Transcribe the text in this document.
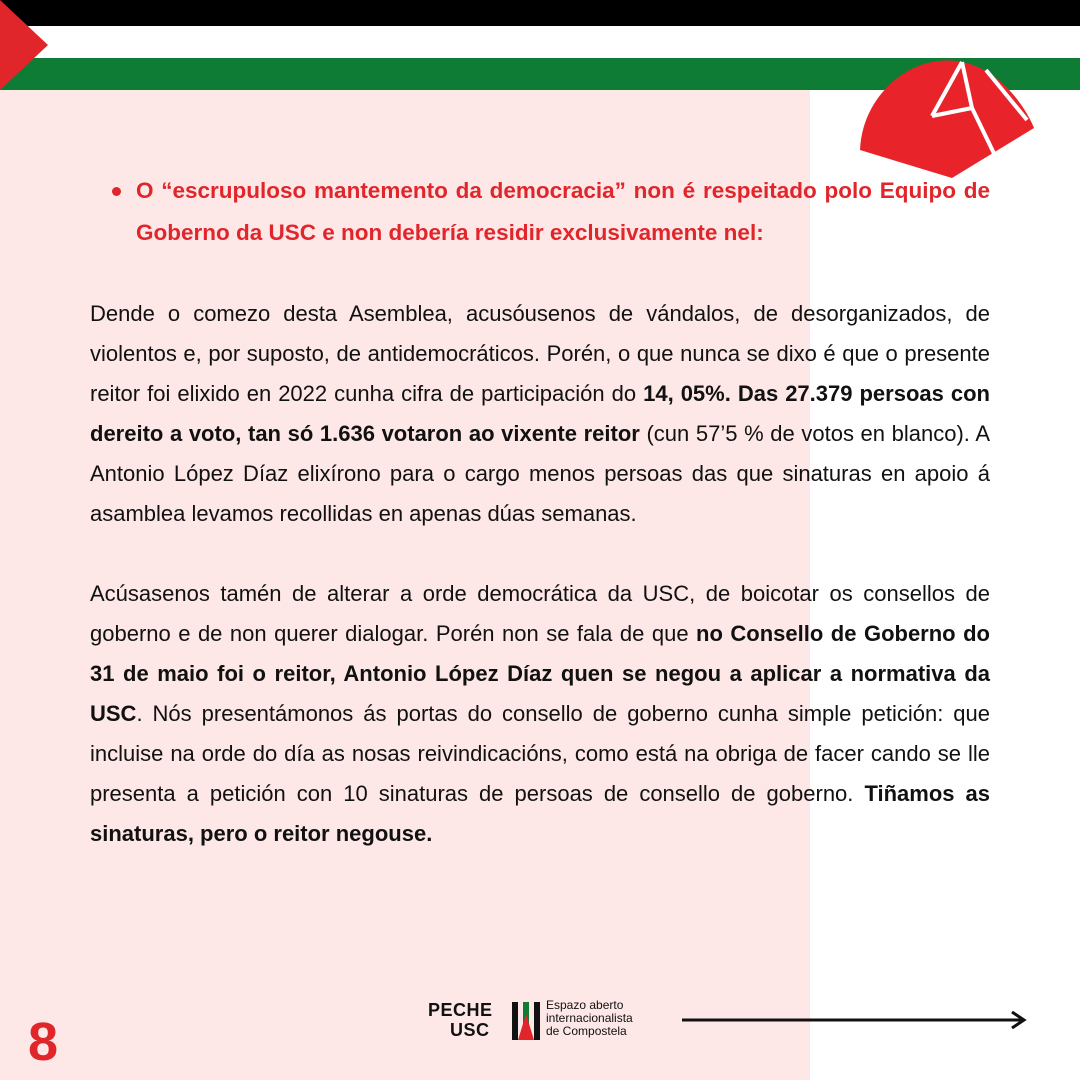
O “escrupuloso mantemento da democracia” non é respeitado polo Equipo de Goberno da USC e non debería residir exclusivamente nel:
Dende o comezo desta Asemblea, acusóusenos de vándalos, de desorganizados, de violentos e, por suposto, de antidemocráticos. Porén, o que nunca se dixo é que o presente reitor foi elixido en 2022 cunha cifra de participación do 14, 05%. Das 27.379 persoas con dereito a voto, tan só 1.636 votaron ao vixente reitor (cun 57’5 % de votos en blanco). A Antonio López Díaz elixírono para o cargo menos persoas das que sinaturas en apoio á asamblea levamos recollidas en apenas dúas semanas.
Acúsasenos tamén de alterar a orde democrática da USC, de boicotar os consellos de goberno e de non querer dialogar. Porén non se fala de que no Consello de Goberno do 31 de maio foi o reitor, Antonio López Díaz quen se negou a aplicar a normativa da USC. Nós presentámonos ás portas do consello de goberno cunha simple petición: que incluise na orde do día as nosas reivindicacións, como está na obriga de facer cando se lle presenta a petición con 10 sinaturas de persoas de consello de goberno. Tiñamos as sinaturas, pero o reitor negouse.
8
PECHE
USC
Espazo aberto
internacionalista
de Compostela
